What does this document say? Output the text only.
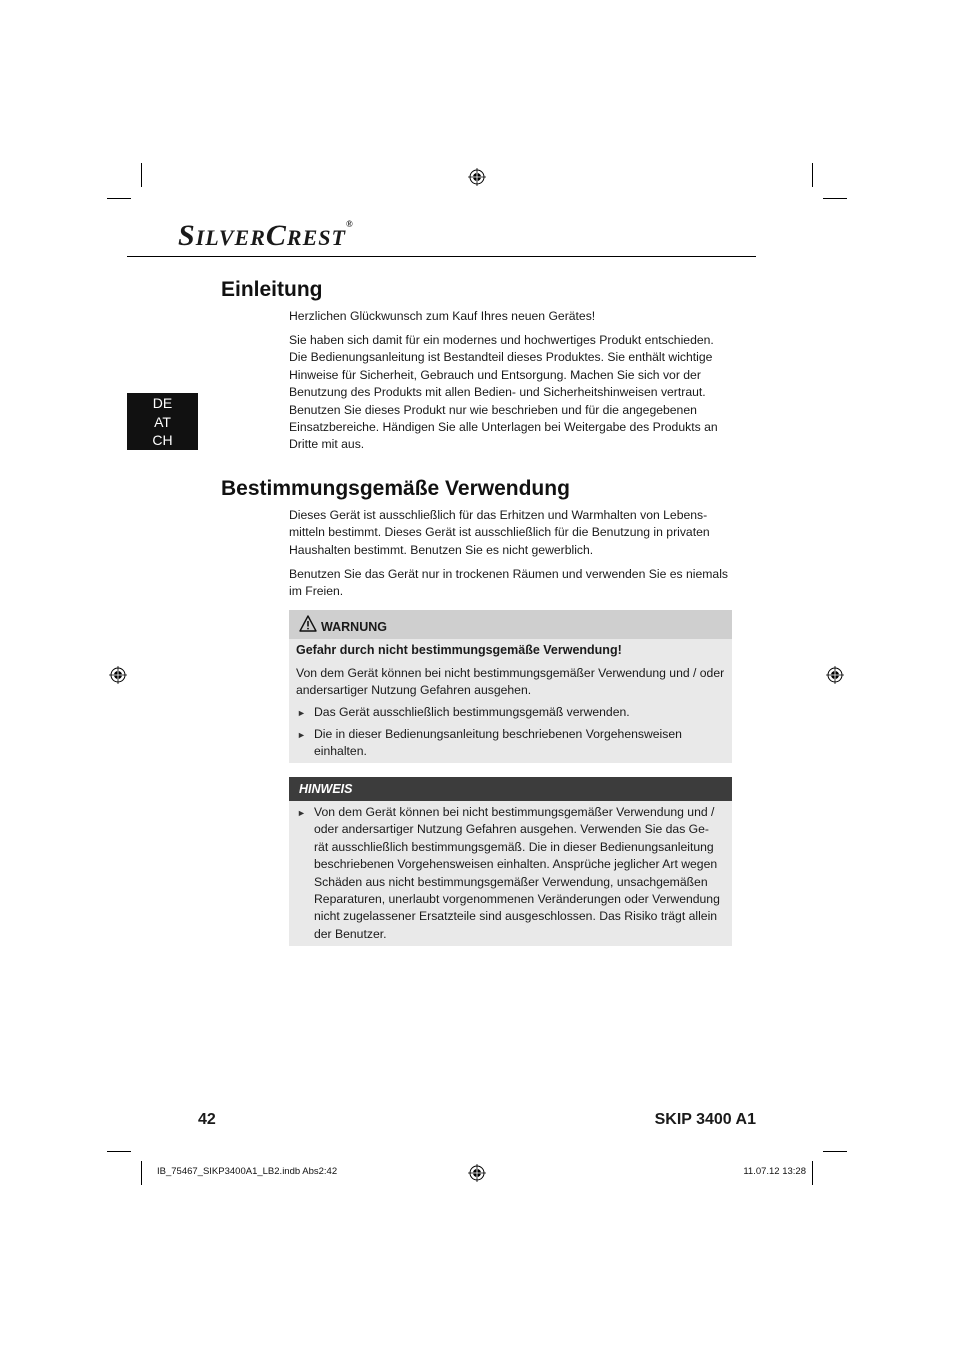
SILVERCREST®
DE
AT
CH
Einleitung

Herzlichen Glückwunsch zum Kauf Ihres neuen Gerätes!

Sie haben sich damit für ein modernes und hochwertiges Produkt entschieden.

Die Bedienungsanleitung ist Bestandteil dieses Produktes. Sie enthält wichtige

Hinweise für Sicherheit, Gebrauch und Entsorgung. Machen Sie sich vor der

Benutzung des Produkts mit allen Bedien- und Sicherheitshinweisen vertraut.

Benutzen Sie dieses Produkt nur wie beschrieben und für die angegebenen

Einsatzbereiche. Händigen Sie alle Unterlagen bei Weitergabe des Produkts an

Dritte mit aus.

Bestimmungsgemäße Verwendung

Dieses Gerät ist ausschließlich für das Erhitzen und Warmhalten von Lebens-

mitteln bestimmt. Dieses Gerät ist ausschließlich für die Benutzung in privaten

Haushalten bestimmt. Benutzen Sie es nicht gewerblich.

Benutzen Sie das Gerät nur in trockenen Räumen und verwenden Sie es niemals

im Freien.

WARNUNG
Gefahr durch nicht bestimmungsgemäße Verwendung!

Von dem Gerät können bei nicht bestimmungsgemäßer Verwendung und / oder

andersartiger Nutzung Gefahren ausgehen.

► Das Gerät ausschließlich bestimmungsgemäß verwenden.

► Die in dieser Bedienungsanleitung beschriebenen Vorgehensweisen

einhalten.

HINWEIS
► Von dem Gerät können bei nicht bestimmungsgemäßer Verwendung und /

oder andersartiger Nutzung Gefahren ausgehen. Verwenden Sie das Ge-

rät ausschließlich bestimmungsgemäß. Die in dieser Bedienungsanleitung

beschriebenen Vorgehensweisen einhalten. Ansprüche jeglicher Art wegen

Schäden aus nicht bestimmungsgemäßer Verwendung, unsachgemäßen

Reparaturen, unerlaubt vorgenommenen Veränderungen oder Verwendung

nicht zugelassener Ersatzteile sind ausgeschlossen. Das Risiko trägt allein

der Benutzer.

42	SKIP 3400 A1
IB_75467_SIKP3400A1_LB2.indb Abs2:42	11.07.12 13:28
